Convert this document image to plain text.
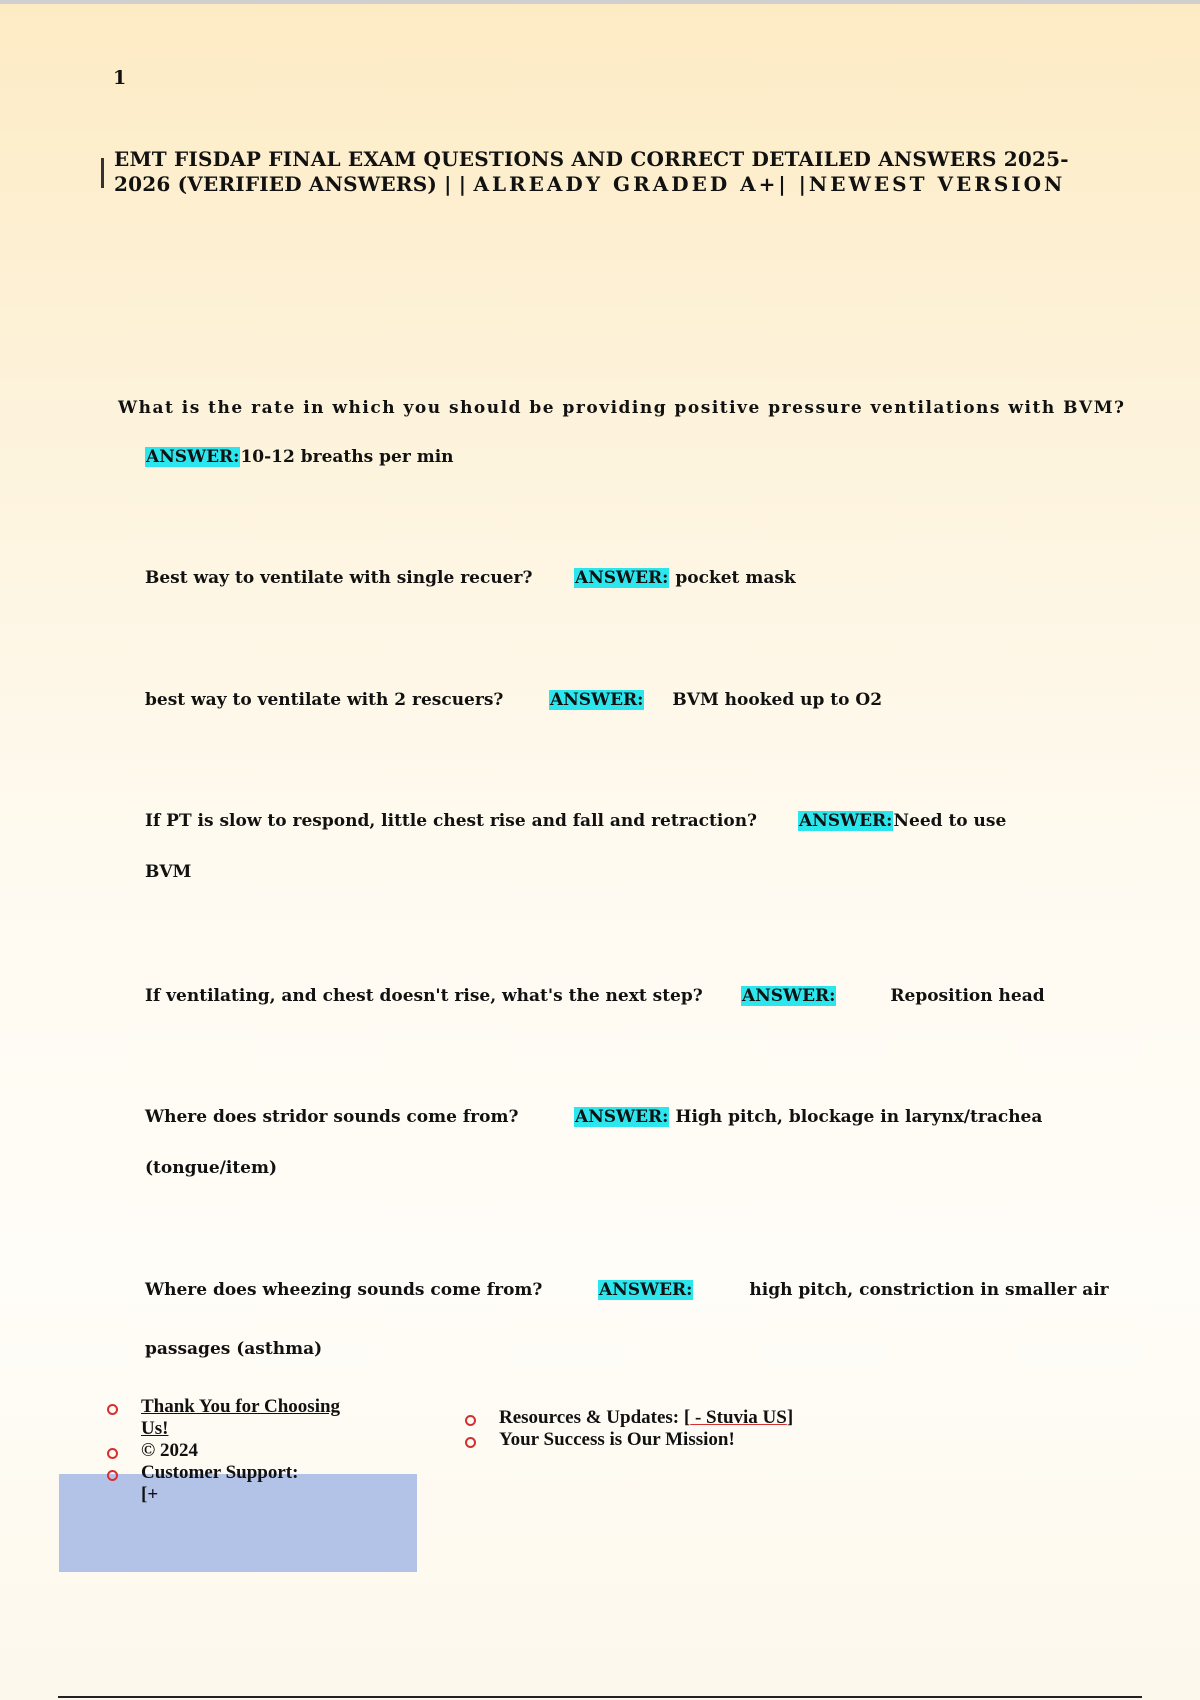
1
EMT FISDAP FINAL EXAM QUESTIONS AND CORRECT DETAILED ANSWERS 2025-
2026 (VERIFIED ANSWERS) | | ALREADY GRADED A+| |NEWEST VERSION
What is the rate in which you should be providing positive pressure ventilations with BVM?
ANSWER:10-12 breaths per min
Best way to ventilate with single recuer?	ANSWER: pocket mask
best way to ventilate with 2 rescuers?	ANSWER: BVM hooked up to O2
If PT is slow to respond, little chest rise and fall and retraction? ANSWER:Need to use
BVM
If ventilating, and chest doesn't rise, what's the next step? ANSWER:	Reposition head
Where does stridor sounds come from?	ANSWER: High pitch, blockage in larynx/trachea
(tongue/item)
Where does wheezing sounds come from?	ANSWER:	high pitch, constriction in smaller air
passages (asthma)
Thank You for Choosing
Us!
© 2024
Customer Support:
[+
Resources & Updates: [ - Stuvia US]
Your Success is Our Mission!
